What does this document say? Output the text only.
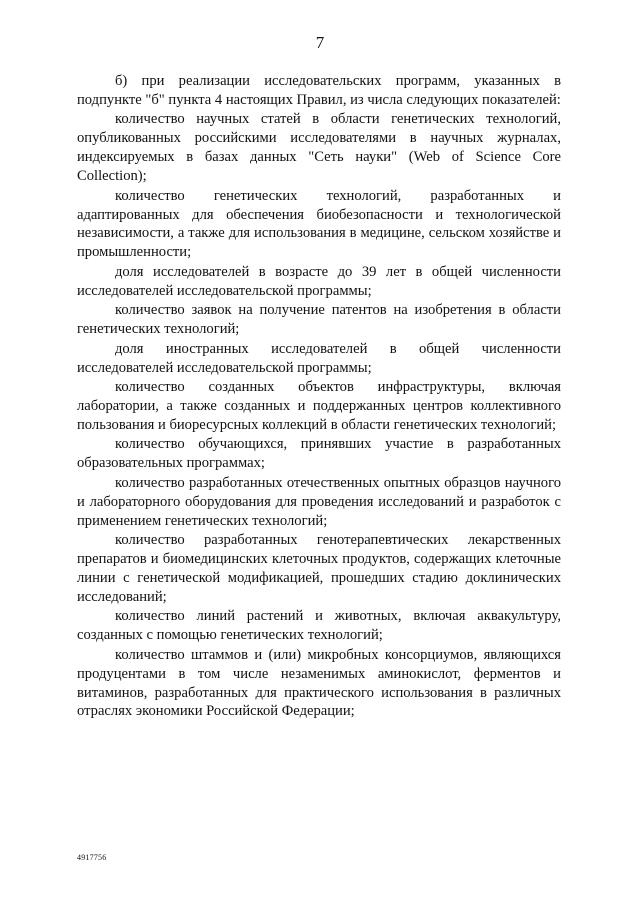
7

б) при реализации исследовательских программ, указанных в подпункте "б" пункта 4 настоящих Правил, из числа следующих показателей:

количество научных статей в области генетических технологий, опубликованных российскими исследователями в научных журналах, индексируемых в базах данных "Сеть науки" (Web of Science Core Collection);

количество генетических технологий, разработанных и адаптированных для обеспечения биобезопасности и технологической независимости, а также для использования в медицине, сельском хозяйстве и промышленности;

доля исследователей в возрасте до 39 лет в общей численности исследователей исследовательской программы;

количество заявок на получение патентов на изобретения в области генетических технологий;

доля иностранных исследователей в общей численности исследователей исследовательской программы;

количество созданных объектов инфраструктуры, включая лаборатории, а также созданных и поддержанных центров коллективного пользования и биоресурсных коллекций в области генетических технологий;

количество обучающихся, принявших участие в разработанных образовательных программах;

количество разработанных отечественных опытных образцов научного и лабораторного оборудования для проведения исследований и разработок с применением генетических технологий;

количество разработанных генотерапевтических лекарственных препаратов и биомедицинских клеточных продуктов, содержащих клеточные линии с генетической модификацией, прошедших стадию доклинических исследований;

количество линий растений и животных, включая аквакультуру, созданных с помощью генетических технологий;

количество штаммов и (или) микробных консорциумов, являющихся продуцентами в том числе незаменимых аминокислот, ферментов и витаминов, разработанных для практического использования в различных отраслях экономики Российской Федерации;

4917756
